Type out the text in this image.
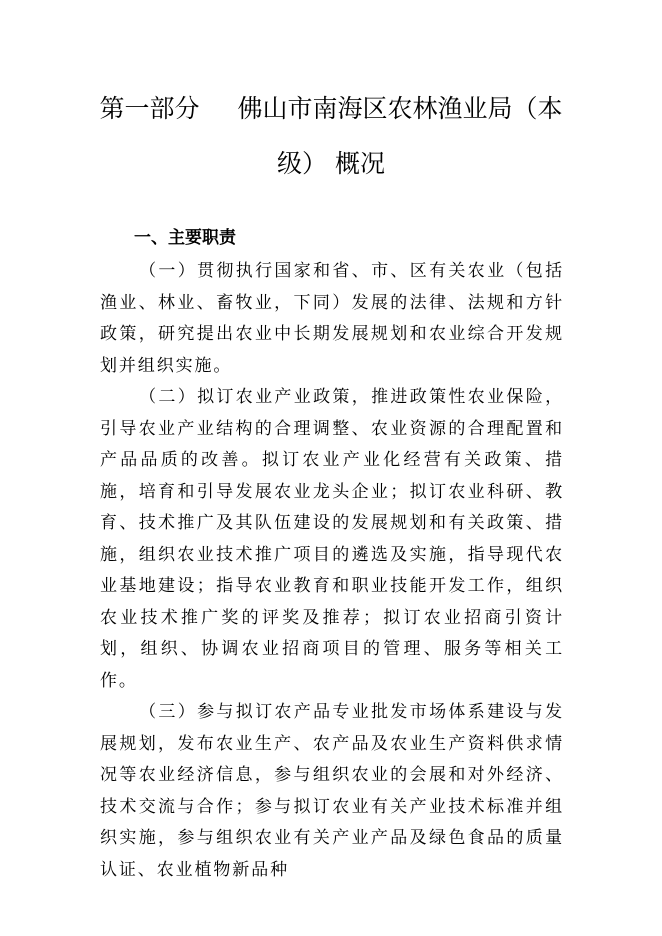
第一部分 佛山市南海区农林渔业局（本
级） 概况
一、主要职责

（一）贯彻执行国家和省、市、区有关农业（包括渔业、林业、畜牧业，下同）发展的法律、法规和方针政策，研究提出农业中长期发展规划和农业综合开发规划并组织实施。

（二）拟订农业产业政策，推进政策性农业保险，引导农业产业结构的合理调整、农业资源的合理配置和产品品质的改善。拟订农业产业化经营有关政策、措施，培育和引导发展农业龙头企业；拟订农业科研、教育、技术推广及其队伍建设的发展规划和有关政策、措施，组织农业技术推广项目的遴选及实施，指导现代农业基地建设；指导农业教育和职业技能开发工作，组织农业技术推广奖的评奖及推荐；拟订农业招商引资计划，组织、协调农业招商项目的管理、服务等相关工作。

（三）参与拟订农产品专业批发市场体系建设与发展规划，发布农业生产、农产品及农业生产资料供求情况等农业经济信息，参与组织农业的会展和对外经济、技术交流与合作；参与拟订农业有关产业技术标准并组织实施，参与组织农业有关产业产品及绿色食品的质量认证、农业植物新品种
